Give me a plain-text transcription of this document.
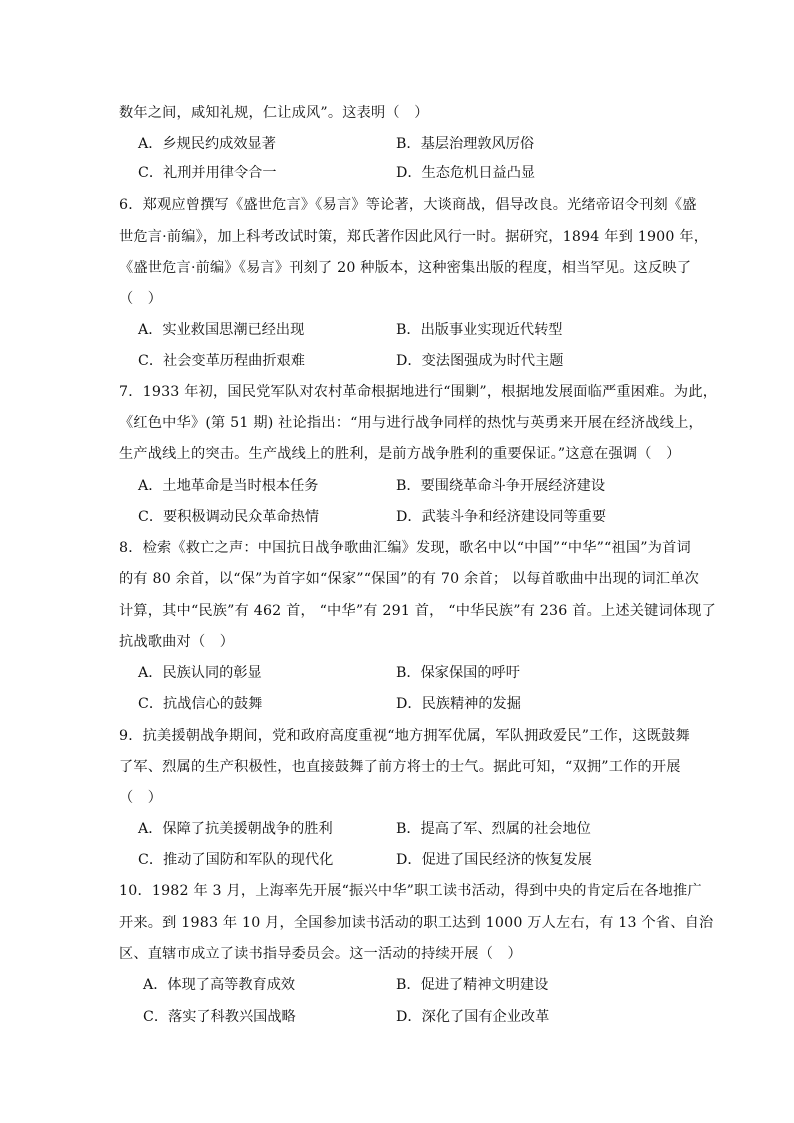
数年之间，咸知礼规，仁让成风”。这表明（　）
A．乡规民约成效显著	B．基层治理敦风厉俗
C．礼刑并用律令合一	D．生态危机日益凸显
6．郑观应曾撰写《盛世危言》《易言》等论著，大谈商战，倡导改良。光绪帝诏令刊刻《盛
世危言·前编》，加上科考改试时策，郑氏著作因此风行一时。据研究，1894 年到 1900 年，
《盛世危言·前编》《易言》刊刻了 20 种版本，这种密集出版的程度，相当罕见。这反映了
（　）
A．实业救国思潮已经出现	B．出版事业实现近代转型
C．社会变革历程曲折艰难	D．变法图强成为时代主题
7．1933 年初，国民党军队对农村革命根据地进行“围剿”，根据地发展面临严重困难。为此，
《红色中华》(第 51 期) 社论指出：“用与进行战争同样的热忱与英勇来开展在经济战线上，
生产战线上的突击。生产战线上的胜利，是前方战争胜利的重要保证。”这意在强调（　）
A．土地革命是当时根本任务	B．要围绕革命斗争开展经济建设
C．要积极调动民众革命热情	D．武装斗争和经济建设同等重要
8．检索《救亡之声：中国抗日战争歌曲汇编》发现，歌名中以“中国”“中华”“祖国”为首词
的有 80 余首，以“保”为首字如“保家”“保国”的有 70 余首； 以每首歌曲中出现的词汇单次
计算，其中“民族”有 462 首， “中华”有 291 首， “中华民族”有 236 首。上述关键词体现了
抗战歌曲对（　）
A．民族认同的彰显	B．保家保国的呼吁
C．抗战信心的鼓舞	D．民族精神的发掘
9．抗美援朝战争期间，党和政府高度重视“地方拥军优属，军队拥政爱民”工作，这既鼓舞
了军、烈属的生产积极性，也直接鼓舞了前方将士的士气。据此可知，“双拥”工作的开展
（　）
A．保障了抗美援朝战争的胜利	B．提高了军、烈属的社会地位
C．推动了国防和军队的现代化	D．促进了国民经济的恢复发展
10．1982 年 3 月，上海率先开展“振兴中华”职工读书活动，得到中央的肯定后在各地推广
开来。到 1983 年 10 月，全国参加读书活动的职工达到 1000 万人左右，有 13 个省、自治
区、直辖市成立了读书指导委员会。这一活动的持续开展（　）
A．体现了高等教育成效	B．促进了精神文明建设
C．落实了科教兴国战略	D．深化了国有企业改革
